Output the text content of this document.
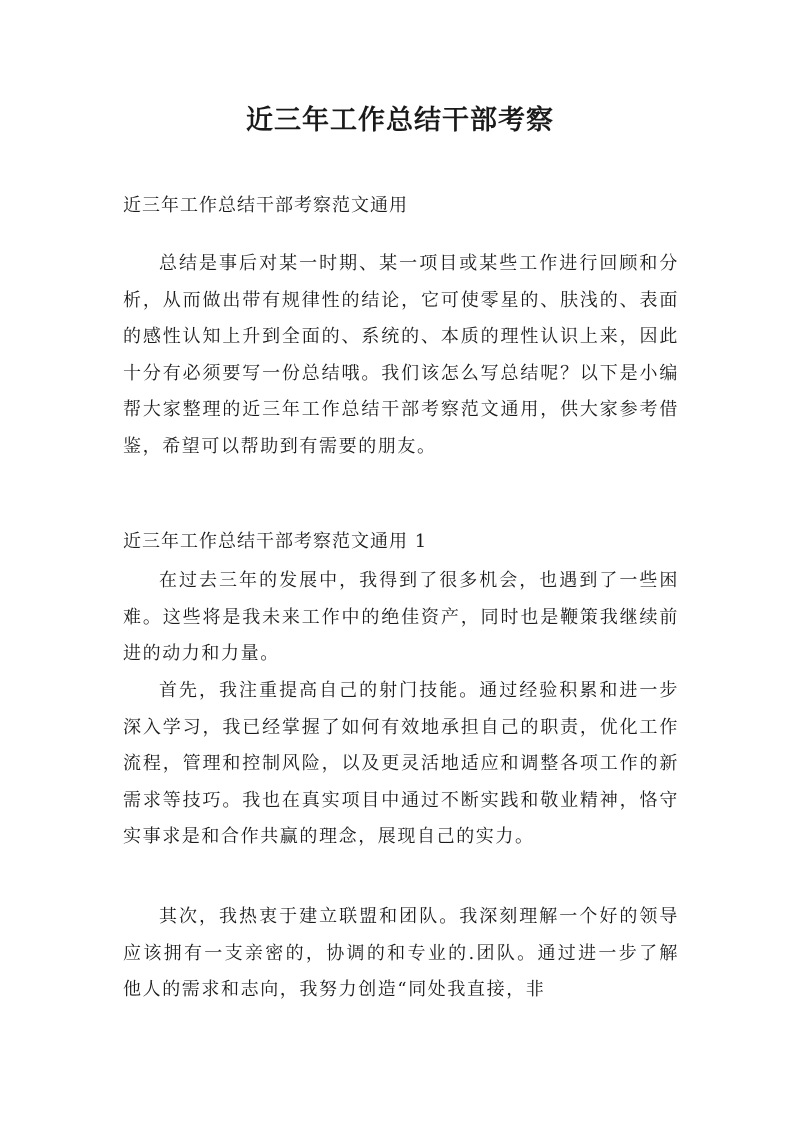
近三年工作总结干部考察
近三年工作总结干部考察范文通用

总结是事后对某一时期、某一项目或某些工作进行回顾和分析，从而做出带有规律性的结论，它可使零星的、肤浅的、表面的感性认知上升到全面的、系统的、本质的理性认识上来，因此十分有必须要写一份总结哦。我们该怎么写总结呢？以下是小编帮大家整理的近三年工作总结干部考察范文通用，供大家参考借鉴，希望可以帮助到有需要的朋友。

近三年工作总结干部考察范文通用 1

在过去三年的发展中，我得到了很多机会，也遇到了一些困难。这些将是我未来工作中的绝佳资产，同时也是鞭策我继续前进的动力和力量。

首先，我注重提高自己的射门技能。通过经验积累和进一步深入学习，我已经掌握了如何有效地承担自己的职责，优化工作流程，管理和控制风险，以及更灵活地适应和调整各项工作的新需求等技巧。我也在真实项目中通过不断实践和敬业精神，恪守实事求是和合作共赢的理念，展现自己的实力。

其次，我热衷于建立联盟和团队。我深刻理解一个好的领导应该拥有一支亲密的，协调的和专业的.团队。通过进一步了解他人的需求和志向，我努力创造“同处我直接，非
